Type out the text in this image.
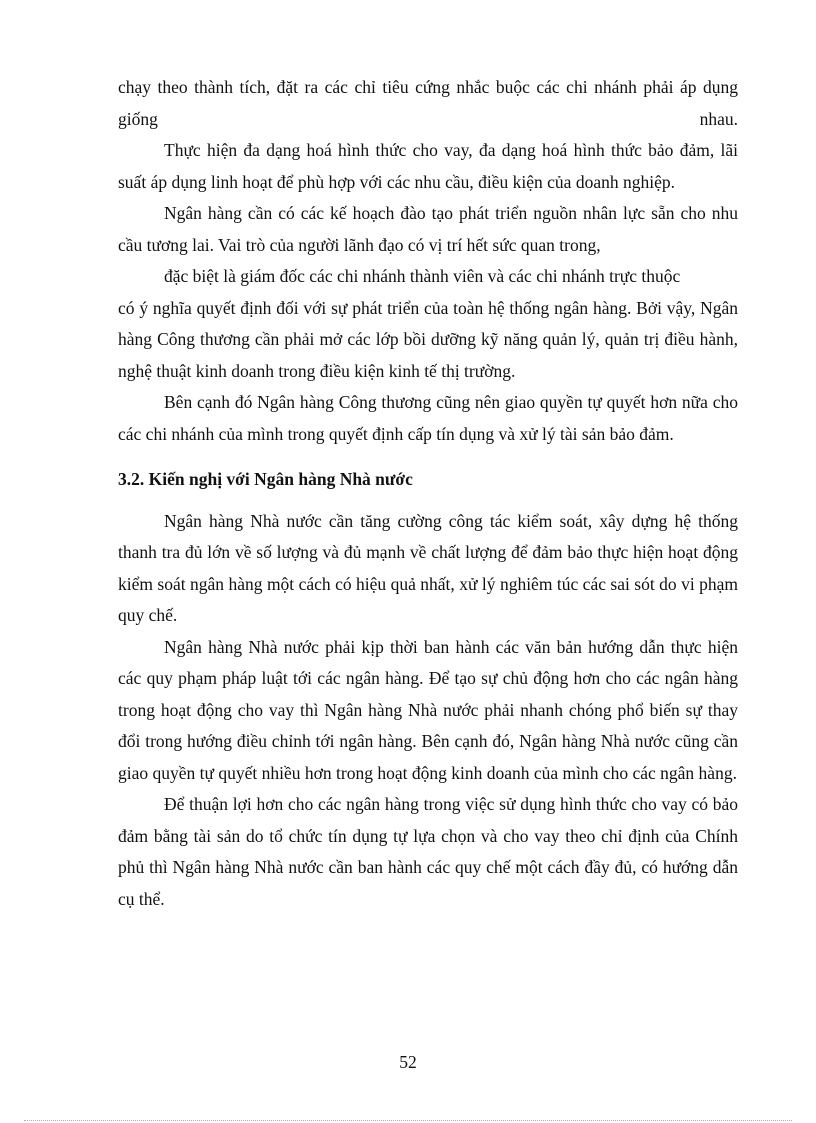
chạy theo thành tích, đặt ra các chỉ tiêu cứng nhắc buộc các chi nhánh phải áp dụng giống nhau.

Thực hiện đa dạng hoá hình thức cho vay, đa dạng hoá hình thức bảo đảm, lãi suất áp dụng linh hoạt để phù hợp với các nhu cầu, điều kiện của doanh nghiệp.

Ngân hàng cần có các kế hoạch đào tạo phát triển nguồn nhân lực sẵn cho nhu cầu tương lai. Vai trò của người lãnh đạo có vị trí hết sức quan trong,

đặc biệt là giám đốc các chi nhánh thành viên và các chi nhánh trực thuộc

có ý nghĩa quyết định đối với sự phát triển của toàn hệ thống ngân hàng. Bởi vậy, Ngân hàng Công thương cần phải mở các lớp bồi dưỡng kỹ năng quản lý, quản trị điều hành, nghệ thuật kinh doanh trong điều kiện kinh tế thị trường.

Bên cạnh đó Ngân hàng Công thương cũng nên giao quyền tự quyết hơn nữa cho các chi nhánh của mình trong quyết định cấp tín dụng và xử lý tài sản bảo đảm.

3.2. Kiến nghị với Ngân hàng Nhà nước

Ngân hàng Nhà nước cần tăng cường công tác kiểm soát, xây dựng hệ thống thanh tra đủ lớn về số lượng và đủ mạnh về chất lượng để đảm bảo thực hiện hoạt động kiểm soát ngân hàng một cách có hiệu quả nhất, xử lý nghiêm túc các sai sót do vi phạm quy chế.

Ngân hàng Nhà nước phải kịp thời ban hành các văn bản hướng dẫn thực hiện các quy phạm pháp luật tới các ngân hàng. Để tạo sự chủ động hơn cho các ngân hàng trong hoạt động cho vay thì Ngân hàng Nhà nước phải nhanh chóng phổ biến sự thay đổi trong hướng điều chỉnh tới ngân hàng. Bên cạnh đó, Ngân hàng Nhà nước cũng cần giao quyền tự quyết nhiều hơn trong hoạt động kinh doanh của mình cho các ngân hàng.

Để thuận lợi hơn cho các ngân hàng trong việc sử dụng hình thức cho vay có bảo đảm bằng tài sản do tổ chức tín dụng tự lựa chọn và cho vay theo chỉ định của Chính phủ thì Ngân hàng Nhà nước cần ban hành các quy chế một cách đầy đủ, có hướng dẫn cụ thể.

52
